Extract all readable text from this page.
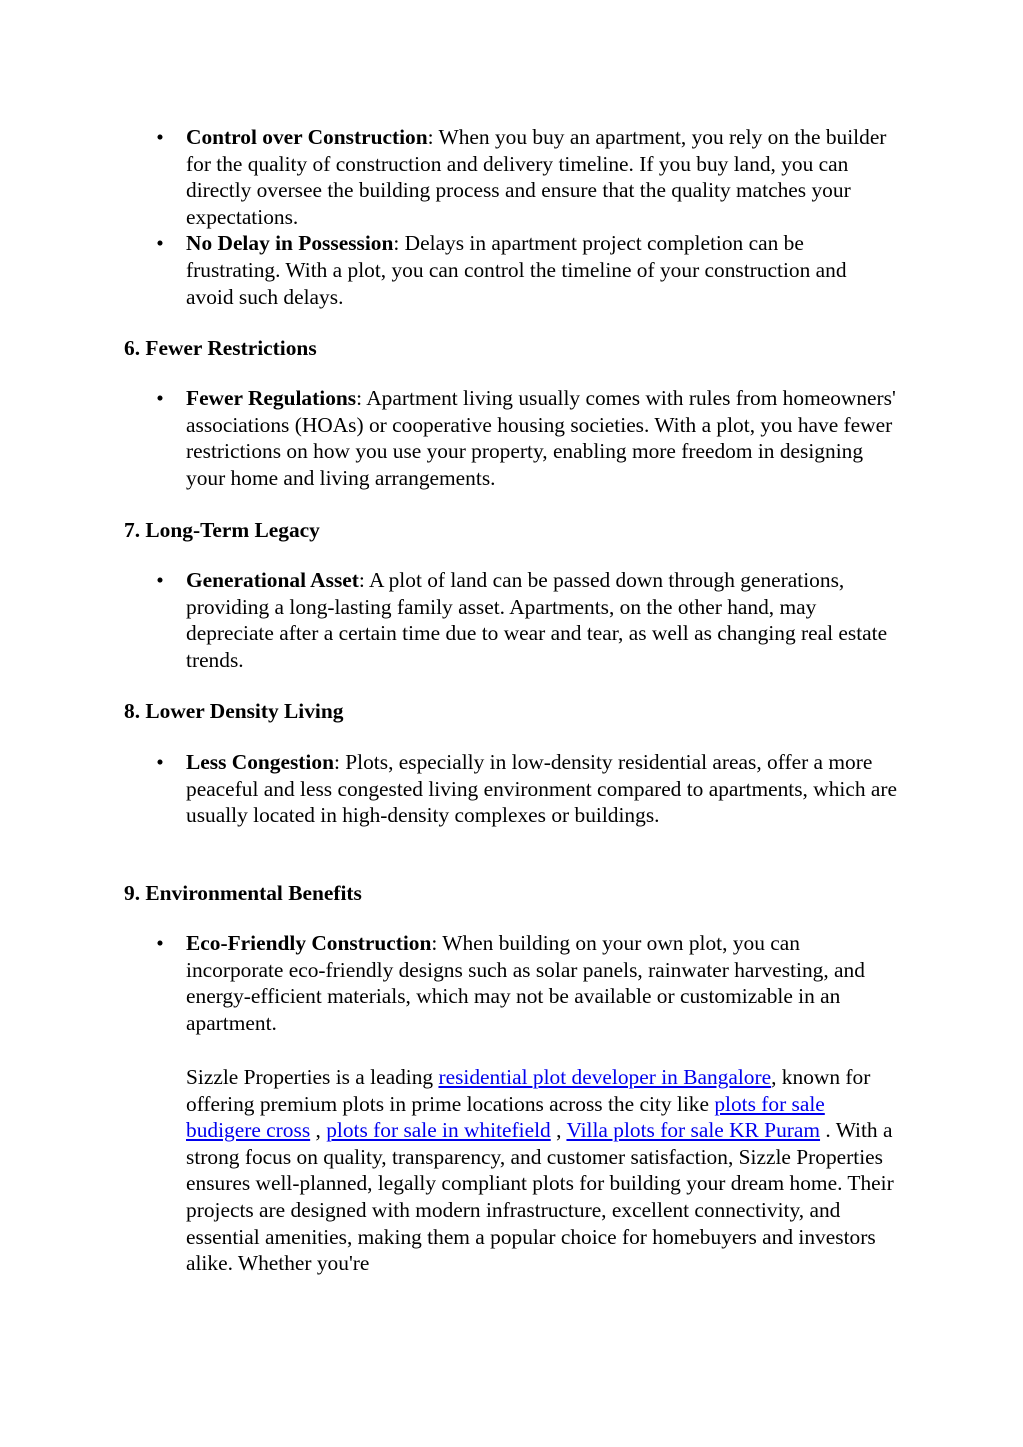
• Control over Construction: When you buy an apartment, you rely on the builder for the quality of construction and delivery timeline. If you buy land, you can directly oversee the building process and ensure that the quality matches your expectations.
• No Delay in Possession: Delays in apartment project completion can be frustrating. With a plot, you can control the timeline of your construction and avoid such delays.
6. Fewer Restrictions
• Fewer Regulations: Apartment living usually comes with rules from homeowners' associations (HOAs) or cooperative housing societies. With a plot, you have fewer restrictions on how you use your property, enabling more freedom in designing your home and living arrangements.
7. Long-Term Legacy
• Generational Asset: A plot of land can be passed down through generations, providing a long-lasting family asset. Apartments, on the other hand, may depreciate after a certain time due to wear and tear, as well as changing real estate trends.
8. Lower Density Living
• Less Congestion: Plots, especially in low-density residential areas, offer a more peaceful and less congested living environment compared to apartments, which are usually located in high-density complexes or buildings.
9. Environmental Benefits
• Eco-Friendly Construction: When building on your own plot, you can incorporate eco-friendly designs such as solar panels, rainwater harvesting, and energy-efficient materials, which may not be available or customizable in an apartment.

Sizzle Properties is a leading residential plot developer in Bangalore, known for offering premium plots in prime locations across the city like plots for sale budigere cross , plots for sale in whitefield , Villa plots for sale KR Puram . With a strong focus on quality, transparency, and customer satisfaction, Sizzle Properties ensures well-planned, legally compliant plots for building your dream home. Their projects are designed with modern infrastructure, excellent connectivity, and essential amenities, making them a popular choice for homebuyers and investors alike. Whether you're
